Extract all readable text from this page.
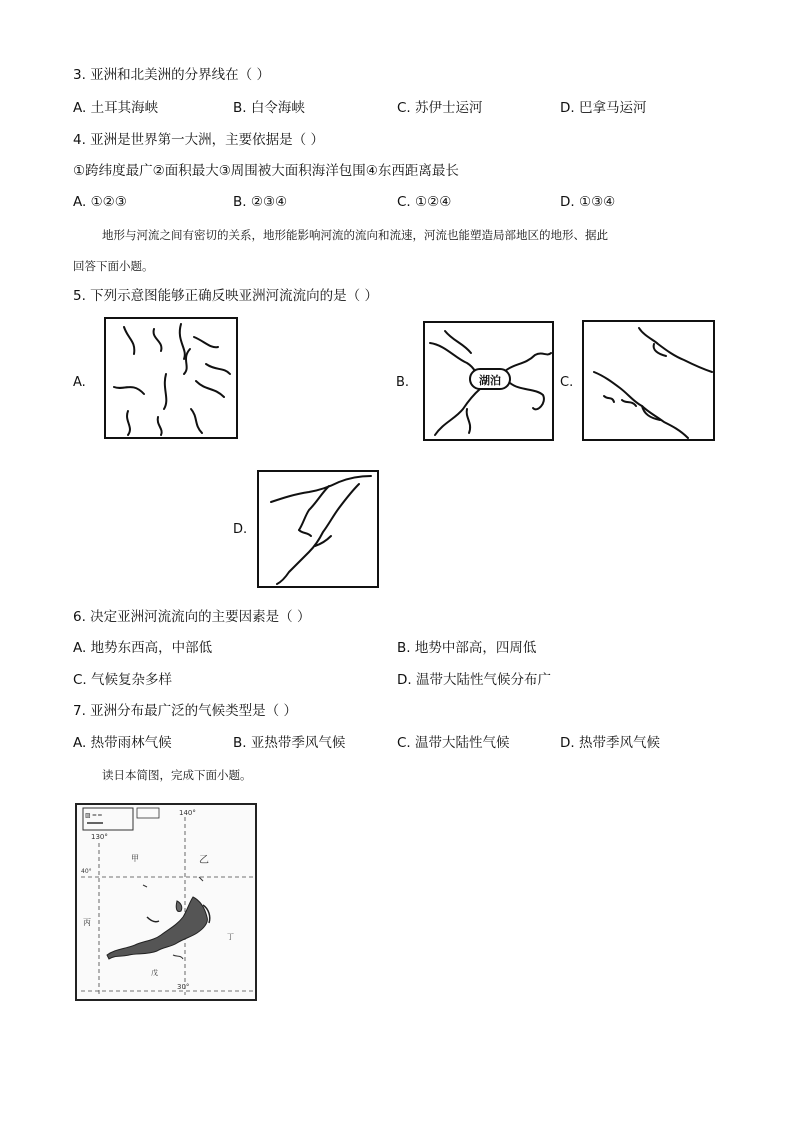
3. 亚洲和北美洲的分界线在（ ）
A. 土耳其海峡	B. 白令海峡	C. 苏伊士运河	D. 巴拿马运河
4. 亚洲是世界第一大洲，主要依据是（ ）
①跨纬度最广②面积最大③周围被大面积海洋包围④东西距离最长
A. ①②③	B. ②③④	C. ①②④	D. ①③④
地形与河流之间有密切的关系，地形能影响河流的流向和流速，河流也能塑造局部地区的地形、据此
回答下面小题。
5. 下列示意图能够正确反映亚洲河流流向的是（ ）
A.	B.	湖泊	C.
D.
6. 决定亚洲河流流向的主要因素是（ ）
A. 地势东西高，中部低	B. 地势中部高，四周低
C. 气候复杂多样	D. 温带大陆性气候分布广
7. 亚洲分布最广泛的气候类型是（ ）
A. 热带雨林气候	B. 亚热带季风气候	C. 温带大陆性气候	D. 热带季风气候
读日本简图，完成下面小题。
▨ ═ ═	140°
130°
40°
30°
甲	乙
丁
戊
丙
